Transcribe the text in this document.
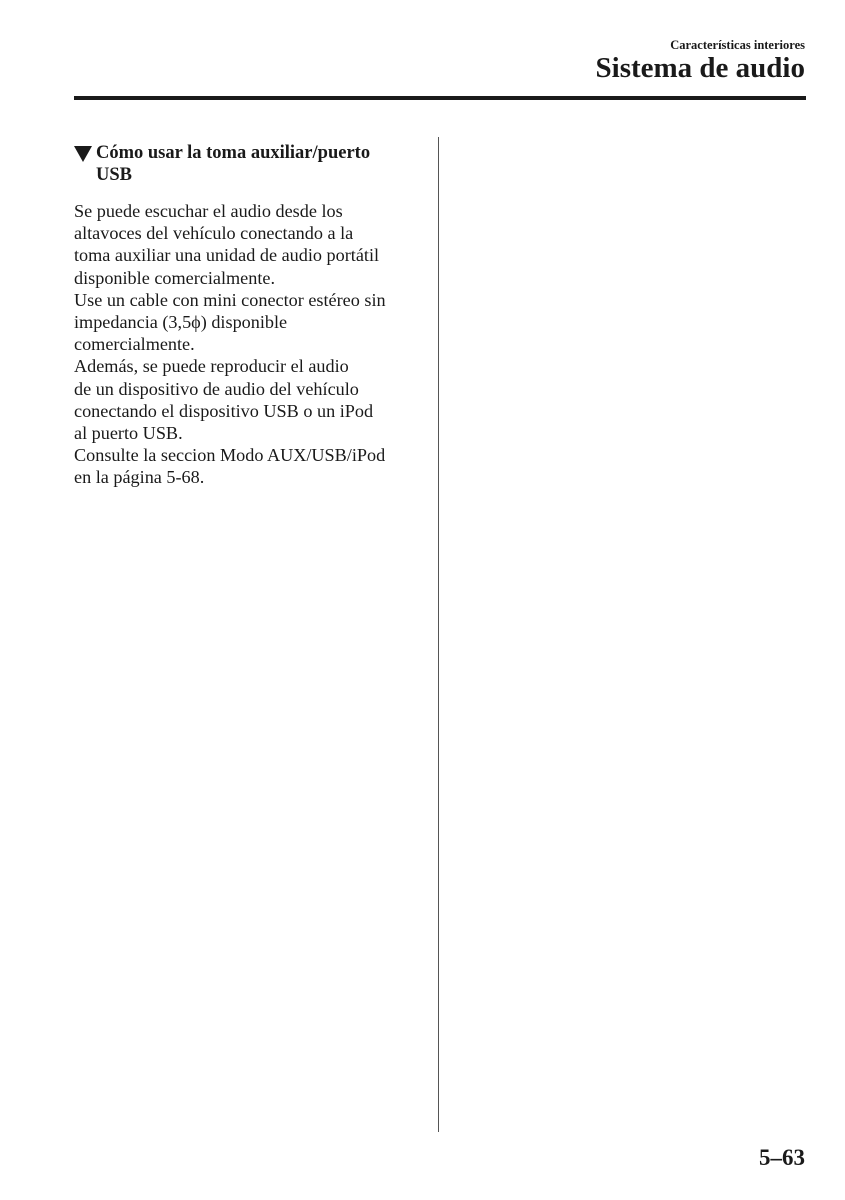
Características interiores
Sistema de audio
Cómo usar la toma auxiliar/puerto
USB
Se puede escuchar el audio desde los
altavoces del vehículo conectando a la
toma auxiliar una unidad de audio portátil
disponible comercialmente.
Use un cable con mini conector estéreo sin
impedancia (3,5ϕ) disponible
comercialmente.
Además, se puede reproducir el audio
de un dispositivo de audio del vehículo
conectando el dispositivo USB o un iPod
al puerto USB.
Consulte la seccion Modo AUX/USB/iPod
en la página 5-68.
5–63
